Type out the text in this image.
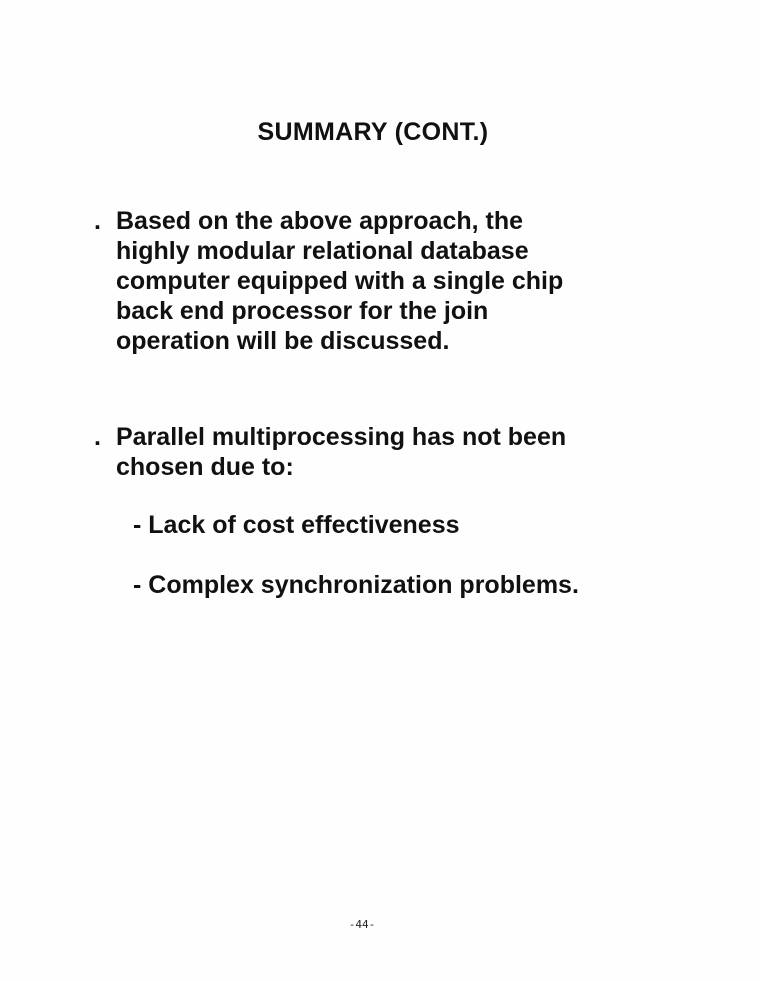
SUMMARY (CONT.)
. Based on the above approach, the
highly modular relational database
computer equipped with a single chip
back end processor for the join
operation will be discussed.
. Parallel multiprocessing has not been
chosen due to:
- Lack of cost effectiveness
- Complex synchronization problems.
-44-
